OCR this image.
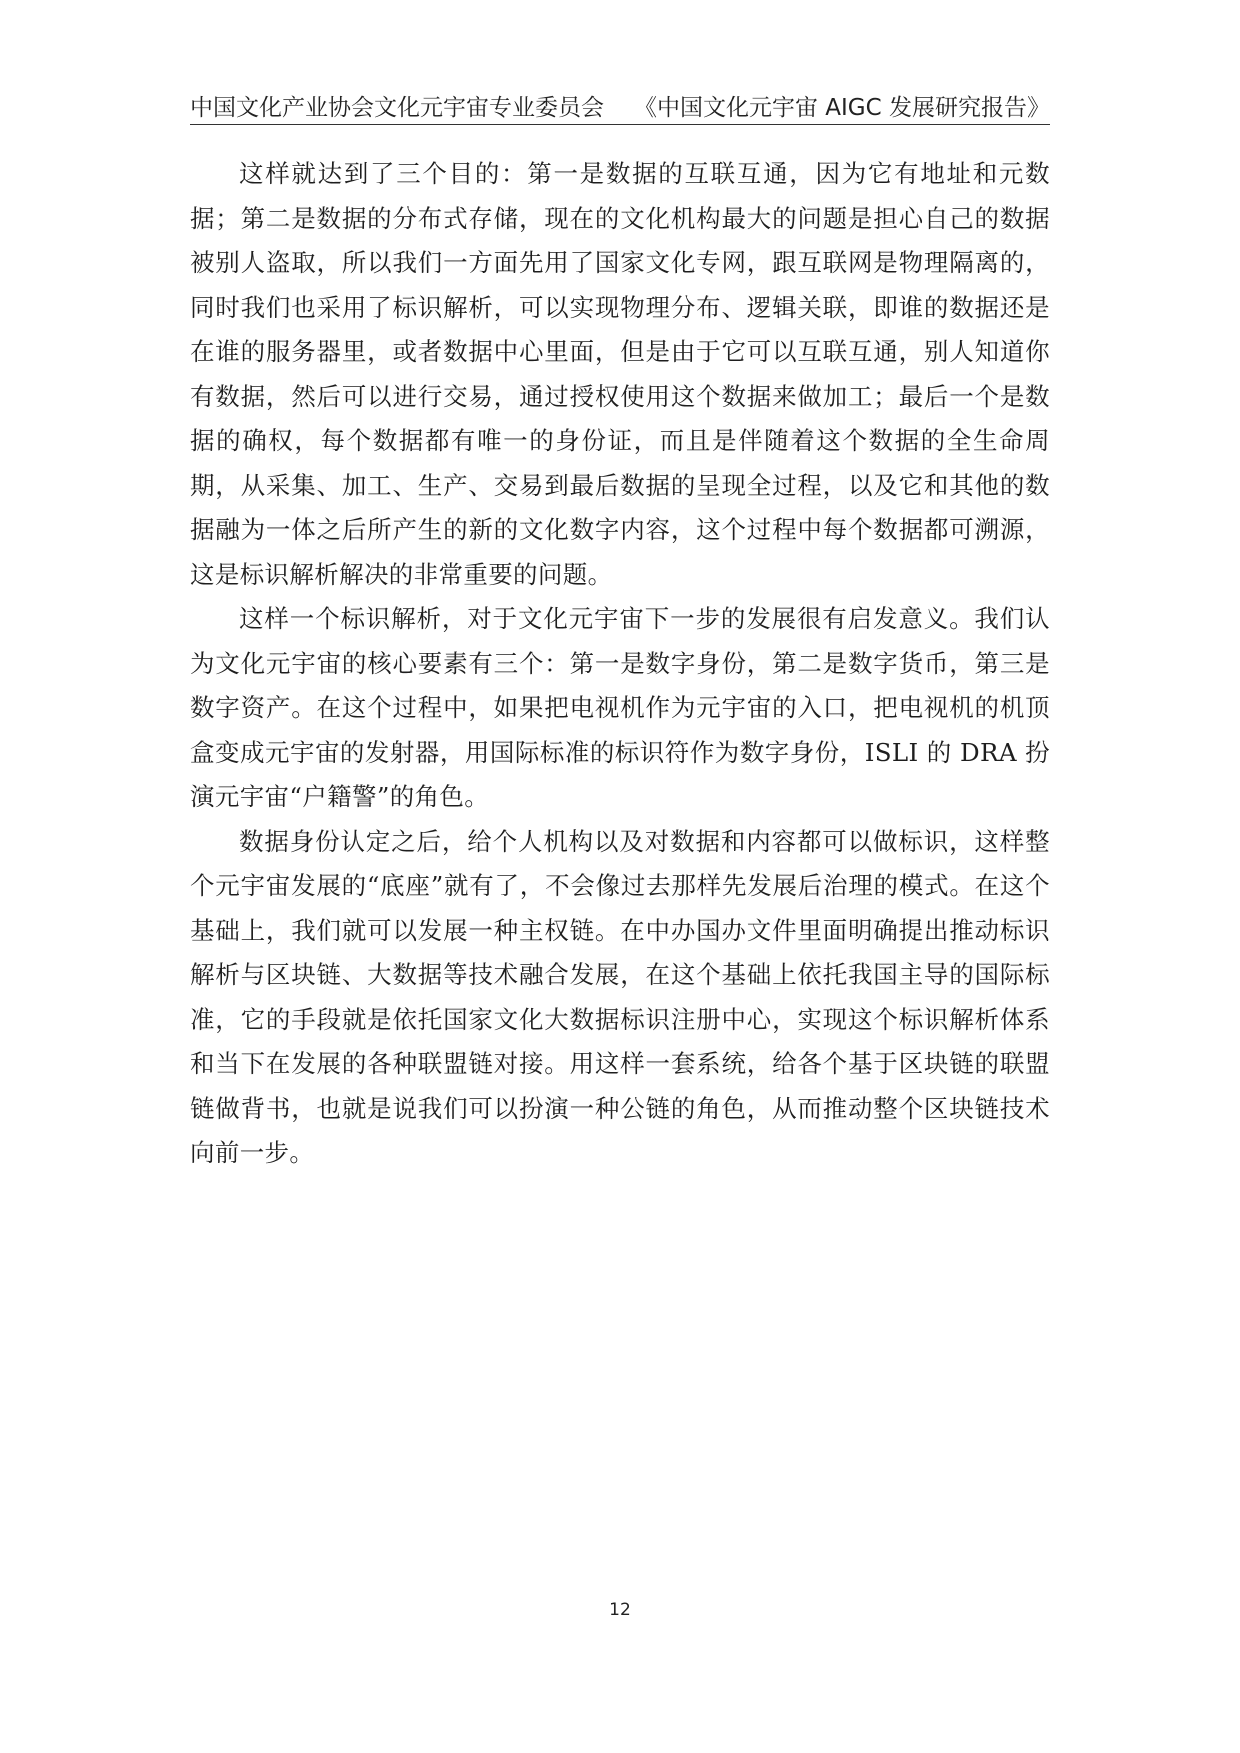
中国文化产业协会文化元宇宙专业委员会 《中国文化元宇宙 AIGC 发展研究报告》

这样就达到了三个目的：第一是数据的互联互通，因为它有地址和元数据；第二是数据的分布式存储，现在的文化机构最大的问题是担心自己的数据被别人盗取，所以我们一方面先用了国家文化专网，跟互联网是物理隔离的，同时我们也采用了标识解析，可以实现物理分布、逻辑关联，即谁的数据还是在谁的服务器里，或者数据中心里面，但是由于它可以互联互通，别人知道你有数据，然后可以进行交易，通过授权使用这个数据来做加工；最后一个是数据的确权，每个数据都有唯一的身份证，而且是伴随着这个数据的全生命周期，从采集、加工、生产、交易到最后数据的呈现全过程，以及它和其他的数据融为一体之后所产生的新的文化数字内容，这个过程中每个数据都可溯源，这是标识解析解决的非常重要的问题。

这样一个标识解析，对于文化元宇宙下一步的发展很有启发意义。我们认为文化元宇宙的核心要素有三个：第一是数字身份，第二是数字货币，第三是数字资产。在这个过程中，如果把电视机作为元宇宙的入口，把电视机的机顶盒变成元宇宙的发射器，用国际标准的标识符作为数字身份，ISLI 的 DRA 扮演元宇宙“户籍警”的角色。

数据身份认定之后，给个人机构以及对数据和内容都可以做标识，这样整个元宇宙发展的“底座”就有了，不会像过去那样先发展后治理的模式。在这个基础上，我们就可以发展一种主权链。在中办国办文件里面明确提出推动标识解析与区块链、大数据等技术融合发展，在这个基础上依托我国主导的国际标准，它的手段就是依托国家文化大数据标识注册中心，实现这个标识解析体系和当下在发展的各种联盟链对接。用这样一套系统，给各个基于区块链的联盟链做背书，也就是说我们可以扮演一种公链的角色，从而推动整个区块链技术向前一步。

12
